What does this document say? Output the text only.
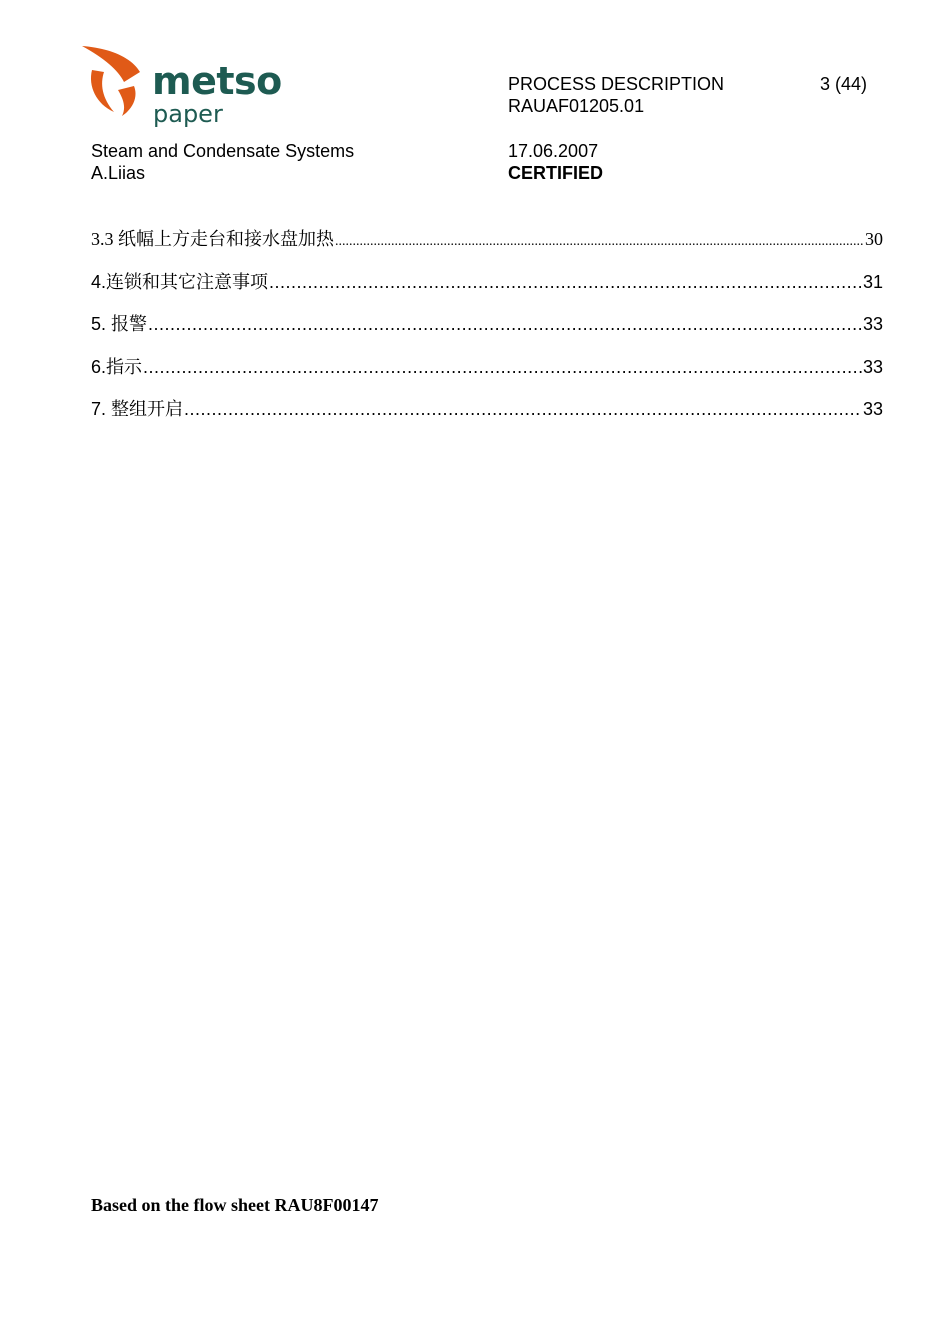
metso
paper
PROCESS DESCRIPTION	3 (44)
RAUAF01205.01
Steam and Condensate Systems
A.Liias
17.06.2007
CERTIFIED
3.3 纸幅上方走台和接水盘加热 .....	30
4.连锁和其它注意事项 .....	31
5. 报警 .....	33
6.指示 .....	33
7. 整组开启 .....	33
Based on the flow sheet RAU8F00147
